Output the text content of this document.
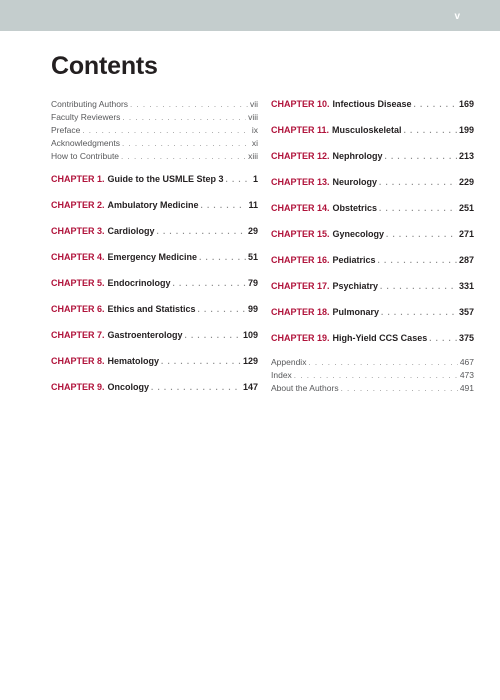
v
Contents
Contributing Authors . . .	vii
Faculty Reviewers . . .	viii
Preface . . .	ix
Acknowledgments . . .	xi
How to Contribute . . .	xiii
CHAPTER 1. Guide to the USMLE Step 3 . . .	1
CHAPTER 2. Ambulatory Medicine . . .	11
CHAPTER 3. Cardiology . . .	29
CHAPTER 4. Emergency Medicine . . .	51
CHAPTER 5. Endocrinology . . .	79
CHAPTER 6. Ethics and Statistics . . .	99
CHAPTER 7. Gastroenterology . . .	109
CHAPTER 8. Hematology . . .	129
CHAPTER 9. Oncology . . .	147
CHAPTER 10. Infectious Disease . . .	169
CHAPTER 11. Musculoskeletal . . .	199
CHAPTER 12. Nephrology . . .	213
CHAPTER 13. Neurology . . .	229
CHAPTER 14. Obstetrics . . .	251
CHAPTER 15. Gynecology . . .	271
CHAPTER 16. Pediatrics . . .	287
CHAPTER 17. Psychiatry . . .	331
CHAPTER 18. Pulmonary . . .	357
CHAPTER 19. High-Yield CCS Cases . . .	375
Appendix . . .	467
Index . . .	473
About the Authors . . .	491
